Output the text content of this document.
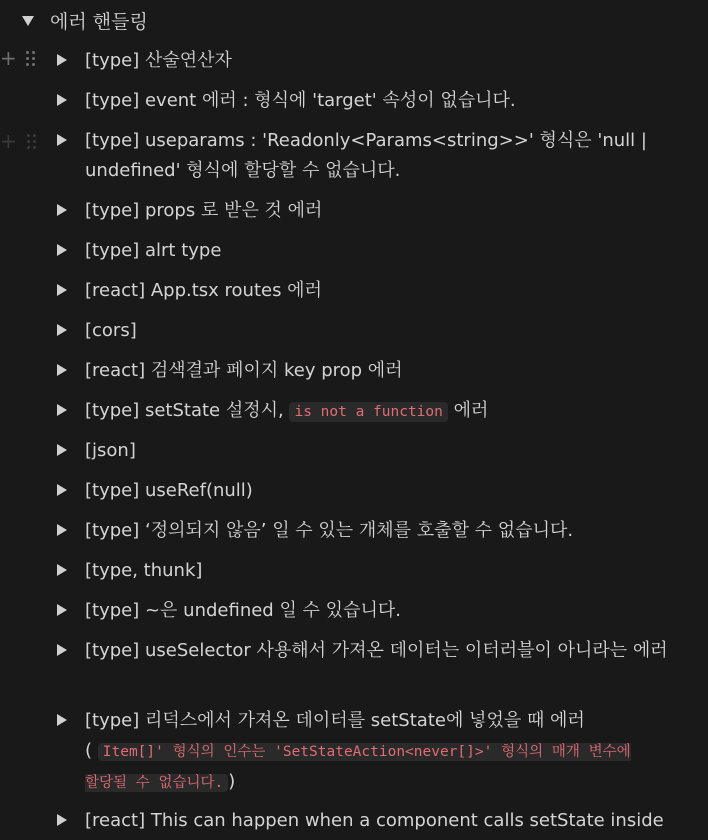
에러 핸들링
+
+
[type] 산술연산자
[type] event 에러 : 형식에 'target' 속성이 없습니다.
[type] useparams : 'Readonly<Params<string>>' 형식은 'null | undefined' 형식에 할당할 수 없습니다.
[type] props 로 받은 것 에러
[type] alrt type
[react] App.tsx routes 에러
[cors]
[react] 검색결과 페이지 key prop 에러
[type] setState 설정시, is not a function 에러
[json]
[type] useRef(null)
[type] ‘정의되지 않음’ 일 수 있는 개체를 호출할 수 없습니다.
[type, thunk]
[type] ~은 undefined 일 수 있습니다.
[type] useSelector 사용해서 가져온 데이터는 이터러블이 아니라는 에러
[type] 리덕스에서 가져온 데이터를 setState에 넣었을 때 에러
( Item[]' 형식의 인수는 'SetStateAction<never[]>' 형식의 매개 변수에 할당될 수 없습니다. )
[react] This can happen when a component calls setState inside
